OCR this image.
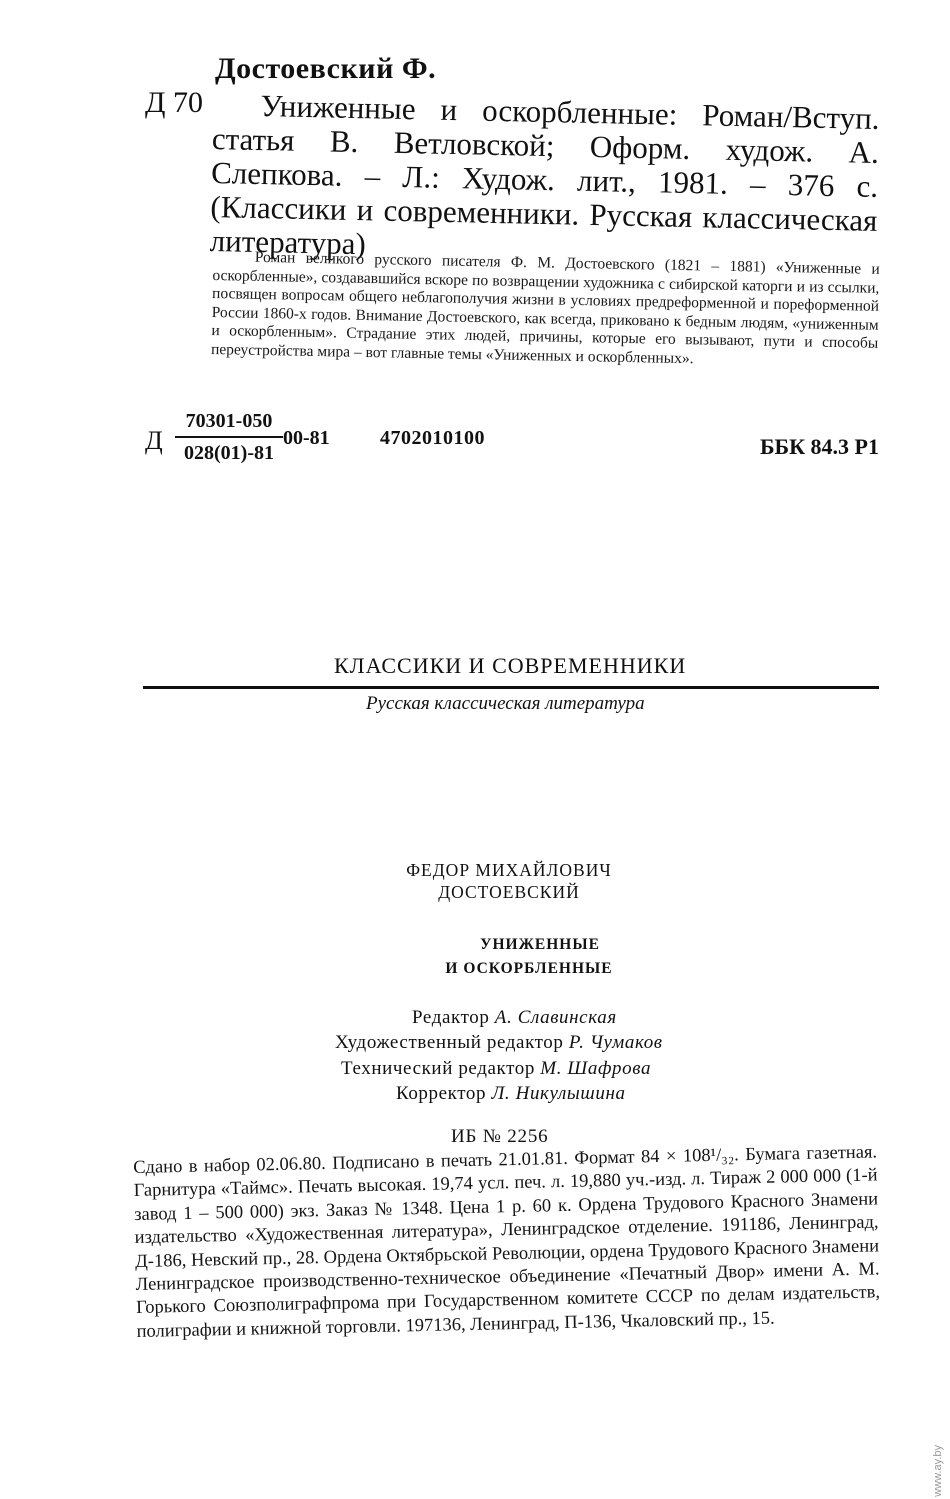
Достоевский Ф.
Д 70	Униженные и оскорбленные: Роман/Вступ. статья В. Ветловской; Оформ. худож. А. Слепкова. – Л.: Худож. лит., 1981. – 376 с. (Классики и современники. Русская классическая литература)
Роман великого русского писателя Ф. М. Достоевского (1821 – 1881) «Униженные и оскорбленные», создававшийся вскоре по возвращении художника с сибирской каторги и из ссылки, посвящен вопросам общего неблагополучия жизни в условиях предреформенной и пореформенной России 1860-х годов. Внимание Достоевского, как всегда, приковано к бедным людям, «униженным и оскорбленным». Страдание этих людей, причины, которые его вызывают, пути и способы переустройства мира – вот главные темы «Униженных и оскорбленных».
Д
70301-050
028(01)-81
00-81	4702010100	ББК 84.3 Р1
КЛАССИКИ И СОВРЕМЕННИКИ
Русская классическая литература
ФЕДОР МИХАЙЛОВИЧ
ДОСТОЕВСКИЙ
УНИЖЕННЫЕ
И ОСКОРБЛЕННЫЕ
Редактор А. Славинская
Художественный редактор Р. Чумаков
Технический редактор М. Шафрова
Корректор Л. Никулышина
ИБ № 2256
Сдано в набор 02.06.80. Подписано в печать 21.01.81. Формат 84 × 108¹/₃₂. Бумага газетная. Гарнитура «Таймс». Печать высокая. 19,74 усл. печ. л. 19,880 уч.-изд. л. Тираж 2 000 000 (1-й завод 1 – 500 000) экз. Заказ № 1348. Цена 1 р. 60 к. Ордена Трудового Красного Знамени издательство «Художественная литература», Ленинградское отделение. 191186, Ленинград, Д-186, Невский пр., 28. Ордена Октябрьской Революции, ордена Трудового Красного Знамени Ленинградское производственно-техническое объединение «Печатный Двор» имени А. М. Горького Союзполиграфпрома при Государственном комитете СССР по делам издательств, полиграфии и книжной торговли. 197136, Ленинград, П-136, Чкаловский пр., 15.
www.ay.by
